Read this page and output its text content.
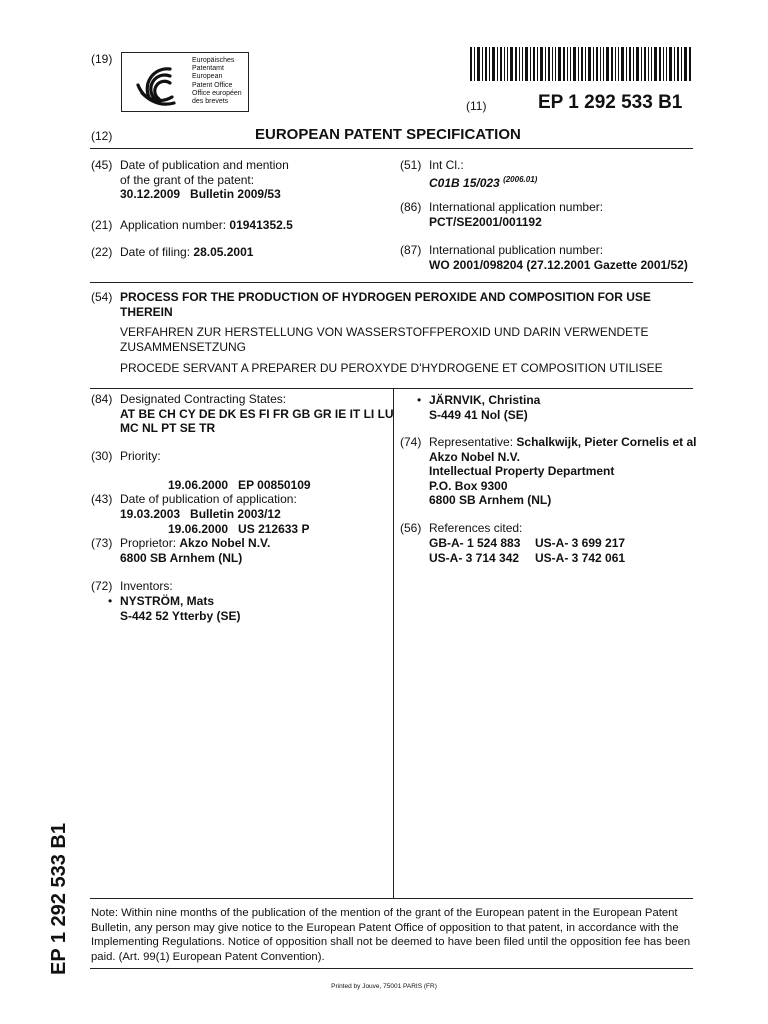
(19)	Europäisches
Patentamt
European
Patent Office
Office européen
des brevets	(11)	EP 1 292 533 B1
(12)	EUROPEAN PATENT SPECIFICATION
(45) Date of publication and mention
of the grant of the patent:
30.12.2009   Bulletin 2009/53
(21) Application number: 01941352.5
(22) Date of filing: 28.05.2001
(51) Int Cl.:
C01B 15/023 $^{(2006.01)}$
(86) International application number:
PCT/SE2001/001192
(87) International publication number:
WO 2001/098204 (27.12.2001 Gazette 2001/52)
(54) PROCESS FOR THE PRODUCTION OF HYDROGEN PEROXIDE AND COMPOSITION FOR USE
THEREIN
VERFAHREN ZUR HERSTELLUNG VON WASSERSTOFFPEROXID UND DARIN VERWENDETE
ZUSAMMENSETZUNG
PROCEDE SERVANT A PREPARER DU PEROXYDE D'HYDROGENE ET COMPOSITION UTILISEE
(84) Designated Contracting States:
AT BE CH CY DE DK ES FI FR GB GR IE IT LI LU
MC NL PT SE TR
(30) Priority:

19.06.2000   EP 00850109

19.06.2000   US 212633 P

(43) Date of publication of application:
19.03.2003   Bulletin 2003/12
(73) Proprietor: Akzo Nobel N.V.
6800 SB Arnhem (NL)
(72) Inventors:
• NYSTRÖM, Mats
S-442 52 Ytterby (SE)
• JÄRNVIK, Christina
S-449 41 Nol (SE)
(74) Representative: Schalkwijk, Pieter Cornelis et al
Akzo Nobel N.V.
Intellectual Property Department
P.O. Box 9300
6800 SB Arnhem (NL)
(56) References cited:
GB-A- 1 524 883 US-A- 3 699 217
US-A- 3 714 342 US-A- 3 742 061
Note: Within nine months of the publication of the mention of the grant of the European patent in the European Patent
Bulletin, any person may give notice to the European Patent Office of opposition to that patent, in accordance with the
Implementing Regulations. Notice of opposition shall not be deemed to have been filed until the opposition fee has been
paid. (Art. 99(1) European Patent Convention).
Printed by Jouve, 75001 PARIS (FR)
EP 1 292 533 B1
